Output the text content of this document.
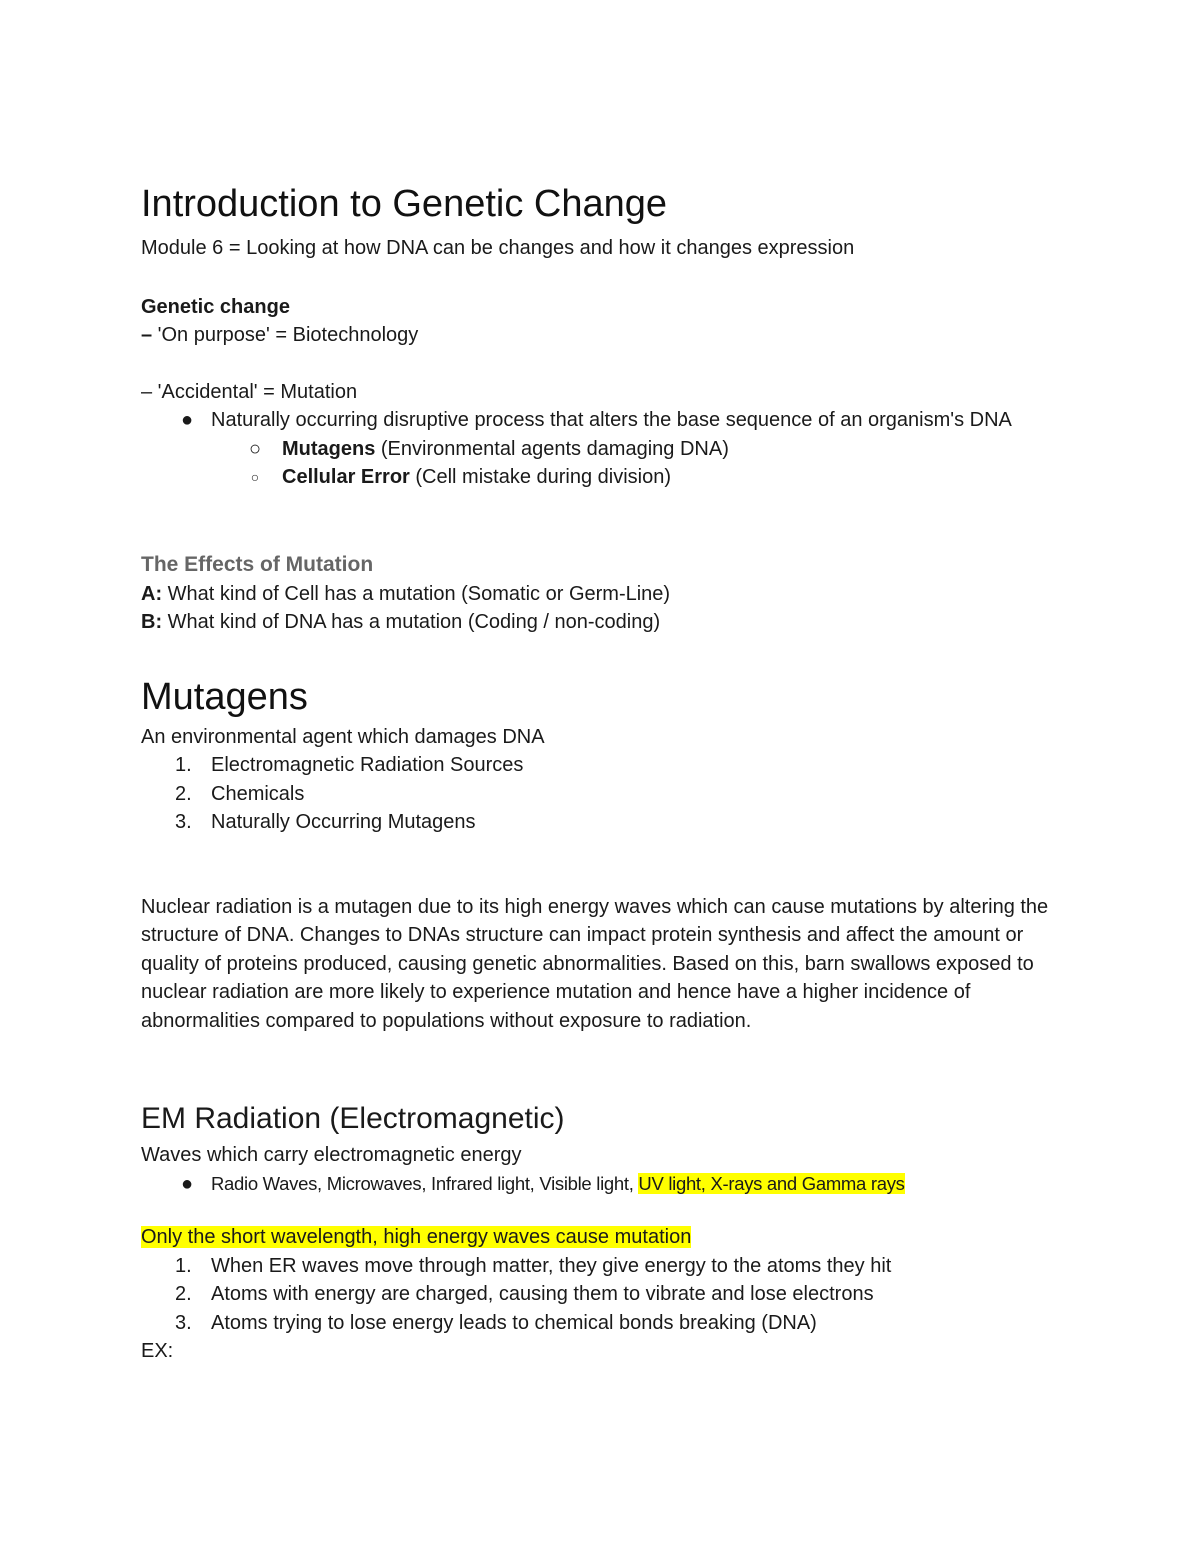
Introduction to Genetic Change

Module 6 = Looking at how DNA can be changes and how it changes expression

Genetic change

– 'On purpose' = Biotechnology

– 'Accidental' = Mutation

● Naturally occurring disruptive process that alters the base sequence of an organism's DNA
○ Mutagens (Environmental agents damaging DNA)
○ Cellular Error (Cell mistake during division)
The Effects of Mutation

A: What kind of Cell has a mutation (Somatic or Germ-Line)

B: What kind of DNA has a mutation (Coding / non-coding)

Mutagens

An environmental agent which damages DNA

1. Electromagnetic Radiation Sources
2. Chemicals
3. Naturally Occurring Mutagens

Nuclear radiation is a mutagen due to its high energy waves which can cause mutations by altering the structure of DNA. Changes to DNAs structure can impact protein synthesis and affect the amount or quality of proteins produced, causing genetic abnormalities. Based on this, barn swallows exposed to nuclear radiation are more likely to experience mutation and hence have a higher incidence of abnormalities compared to populations without exposure to radiation.

EM Radiation (Electromagnetic)

Waves which carry electromagnetic energy

● Radio Waves, Microwaves, Infrared light, Visible light, UV light, X-rays and Gamma rays

Only the short wavelength, high energy waves cause mutation

1. When ER waves move through matter, they give energy to the atoms they hit
2. Atoms with energy are charged, causing them to vibrate and lose electrons
3. Atoms trying to lose energy leads to chemical bonds breaking (DNA)

EX:
